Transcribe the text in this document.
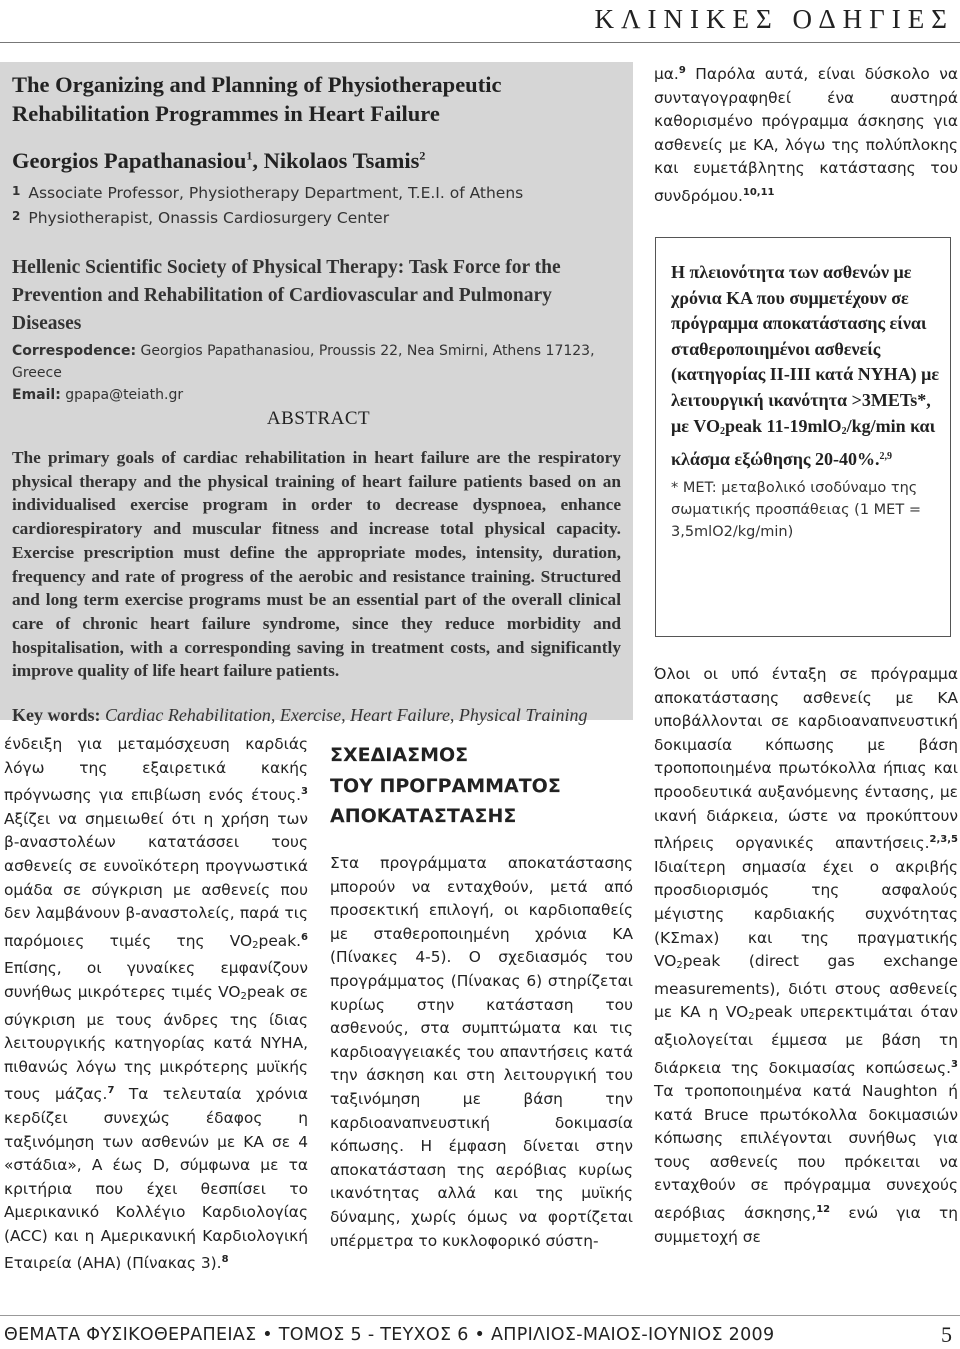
ΚΛΙΝΙΚΕΣ ΟΔΗΓΙΕΣ
The Organizing and Planning of Physiotherapeutic
Rehabilitation Programmes in Heart Failure
Georgios Papathanasiou$^1$, Nikolaos Tsamis$^2$
1 Associate Professor, Physiotherapy Department, T.E.I. of Athens
2 Physiotherapist, Onassis Cardiosurgery Center
Hellenic Scientific Society of Physical Therapy: Task Force for the Prevention and Rehabilitation of Cardiovascular and Pulmonary Diseases
Correspodence: Georgios Papathanasiou, Proussis 22, Nea Smirni, Athens 17123, Greece
Email: gpapa@teiath.gr
ABSTRACT
The primary goals of cardiac rehabilitation in heart failure are the respiratory physical therapy and the physical training of heart failure patients based on an individualised exercise program in order to decrease dyspnoea, enhance cardiorespiratory and muscular fitness and increase total physical capacity. Exercise prescription must define the appropriate modes, intensity, duration, frequency and rate of progress of the aerobic and resistance training. Structured and long term exercise programs must be an essential part of the overall clinical care of chronic heart failure syndrome, since they reduce morbidity and hospitalisation, with a corresponding saving in treatment costs, and significantly improve quality of life heart failure patients.
Key words: Cardiac Rehabilitation, Exercise, Heart Failure, Physical Training

ένδειξη για μεταμόσχευση καρδιάς λόγω της εξαιρετικά κακής πρόγνωσης για επιβίωση ενός έτους.$^3$ Αξίζει να σημειωθεί ότι η χρήση των β-αναστολέων κατατάσσει τους ασθενείς σε ευνοϊκότερη προγνωστικά ομάδα σε σύγκριση με ασθενείς που δεν λαμβάνουν β-αναστολείς, παρά τις παρόμοιες τιμές της $VO_2peak.^6$ Επίσης, οι γυναίκες εμφανίζουν συνήθως μικρότερες τιμές $VO_2peak$ σε σύγκριση με τους άνδρες της ίδιας λειτουργικής κατηγορίας κατά NYHA, πιθανώς λόγω της μικρότερης μυϊκής τους μάζας.$^7$ Τα τελευταία χρόνια κερδίζει συνεχώς έδαφος η ταξινόμηση των ασθενών με ΚΑ σε 4 «στάδια», Α έως D, σύμφωνα με τα κριτήρια που έχει θεσπίσει το Αμερικανικό Κολλέγιο Καρδιολογίας (ACC) και η Αμερικανική Καρδιολογική Εταιρεία (AHA) (Πίνακας 3).$^8$

ΣΧΕΔΙΑΣΜΟΣ
ΤΟΥ ΠΡΟΓΡΑΜΜΑΤΟΣ
ΑΠΟΚΑΤΑΣΤΑΣΗΣ

Στα προγράμματα αποκατάστασης μπορούν να ενταχθούν, μετά από προσεκτική επιλογή, οι καρδιοπαθείς με σταθεροποιημένη χρόνια ΚΑ (Πίνακες 4-5). Ο σχεδιασμός του προγράμματος (Πίνακας 6) στηρίζεται κυρίως στην κατάσταση του ασθενούς, στα συμπτώματα και τις καρδιοαγγειακές του απαντήσεις κατά την άσκηση και στη λειτουργική του ταξινόμηση με βάση την καρδιοαναπνευστική δοκιμασία κόπωσης. Η έμφαση δίνεται στην αποκατάσταση της αερόβιας κυρίως ικανότητας αλλά και της μυϊκής δύναμης, χωρίς όμως να φορτίζεται υπέρμετρα το κυκλοφορικό σύστη-

μα.$^9$ Παρόλα αυτά, είναι δύσκολο να συνταγογραφηθεί ένα αυστηρά καθορισμένο πρόγραμμα άσκησης για ασθενείς με ΚΑ, λόγω της πολύπλοκης και ευμετάβλητης κατάστασης του συνδρόμου.$^{10,11}$

Η πλειονότητα των ασθενών με χρόνια ΚΑ που συμμετέχουν σε πρόγραμμα αποκατάστασης είναι σταθεροποιημένοι ασθενείς (κατηγορίας II-III κατά NYHA) με λειτουργική ικανότητα >3METs*, με $VO_2peak$ 11-19mlO$_2$/kg/min και κλάσμα εξώθησης 20-40%.$^{2,9}$
* MET: μεταβολικό ισοδύναμο της σωματικής προσπάθειας (1 MET = 3,5mlO2/kg/min)

Όλοι οι υπό ένταξη σε πρόγραμμα αποκατάστασης ασθενείς με ΚΑ υποβάλλονται σε καρδιοαναπνευστική δοκιμασία κόπωσης με βάση τροποποιημένα πρωτόκολλα ήπιας και προοδευτικά αυξανόμενης έντασης, με ικανή διάρκεια, ώστε να προκύπτουν πλήρεις οργανικές απαντήσεις.$^{2,3,5}$ Ιδιαίτερη σημασία έχει ο ακριβής προσδιορισμός της ασφαλούς μέγιστης καρδιακής συχνότητας (ΚΣmax) και της πραγματικής $VO_2peak$ (direct gas exchange measurements), διότι στους ασθενείς με ΚΑ η $VO_2peak$ υπερεκτιμάται όταν αξιολογείται έμμεσα με βάση τη διάρκεια της δοκιμασίας κοπώσεως.$^3$ Τα τροποποιημένα κατά Naughton ή κατά Bruce πρωτόκολλα δοκιμασιών κόπωσης επιλέγονται συνήθως για τους ασθενείς που πρόκειται να ενταχθούν σε πρόγραμμα συνεχούς αερόβιας άσκησης,$^{12}$ ενώ για τη συμμετοχή σε

ΘΕΜΑΤΑ ΦΥΣΙΚΟΘΕΡΑΠΕΙΑΣ • ΤΟΜΟΣ 5 - ΤΕΥΧΟΣ 6 • ΑΠΡΙΛΙΟΣ-ΜΑΙΟΣ-ΙΟΥΝΙΟΣ 2009	5
